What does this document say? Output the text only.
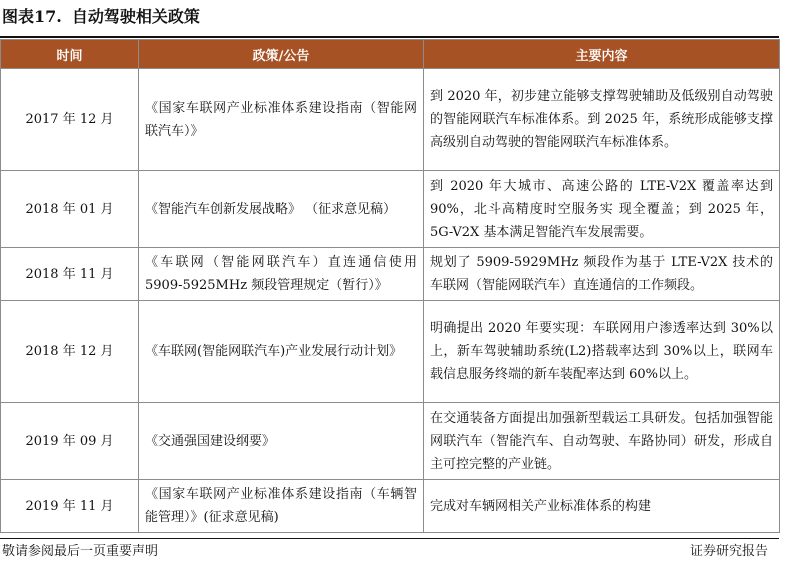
图表17. 自动驾驶相关政策
时间	政策/公告	主要内容
2017 年 12 月	《国家车联网产业标准体系建设指南（智能网联汽车）》	到 2020 年，初步建立能够支撑驾驶辅助及低级别自动驾驶的智能网联汽车标准体系。到 2025 年，系统形成能够支撑高级别自动驾驶的智能网联汽车标准体系。
2018 年 01 月	《智能汽车创新发展战略》 （征求意见稿）	到 2020 年大城市、高速公路的 LTE-V2X 覆盖率达到 90%，北斗高精度时空服务实 现全覆盖；到 2025 年，5G-V2X 基本满足智能汽车发展需要。
2018 年 11 月	《车联网（智能网联汽车）直连通信使用 5909-5925MHz 频段管理规定（暂行）》	规划了 5909-5929MHz 频段作为基于 LTE-V2X 技术的车联网（智能网联汽车）直连通信的工作频段。
2018 年 12 月	《车联网(智能网联汽车)产业发展行动计划》	明确提出 2020 年要实现：车联网用户渗透率达到 30%以上，新车驾驶辅助系统(L2)搭载率达到 30%以上，联网车载信息服务终端的新车装配率达到 60%以上。
2019 年 09 月	《交通强国建设纲要》	在交通装备方面提出加强新型载运工具研发。包括加强智能网联汽车（智能汽车、自动驾驶、车路协同）研发，形成自主可控完整的产业链。
2019 年 11 月	《国家车联网产业标准体系建设指南（车辆智能管理）》(征求意见稿)	完成对车辆网相关产业标准体系的构建
敬请参阅最后一页重要声明	证券研究报告
